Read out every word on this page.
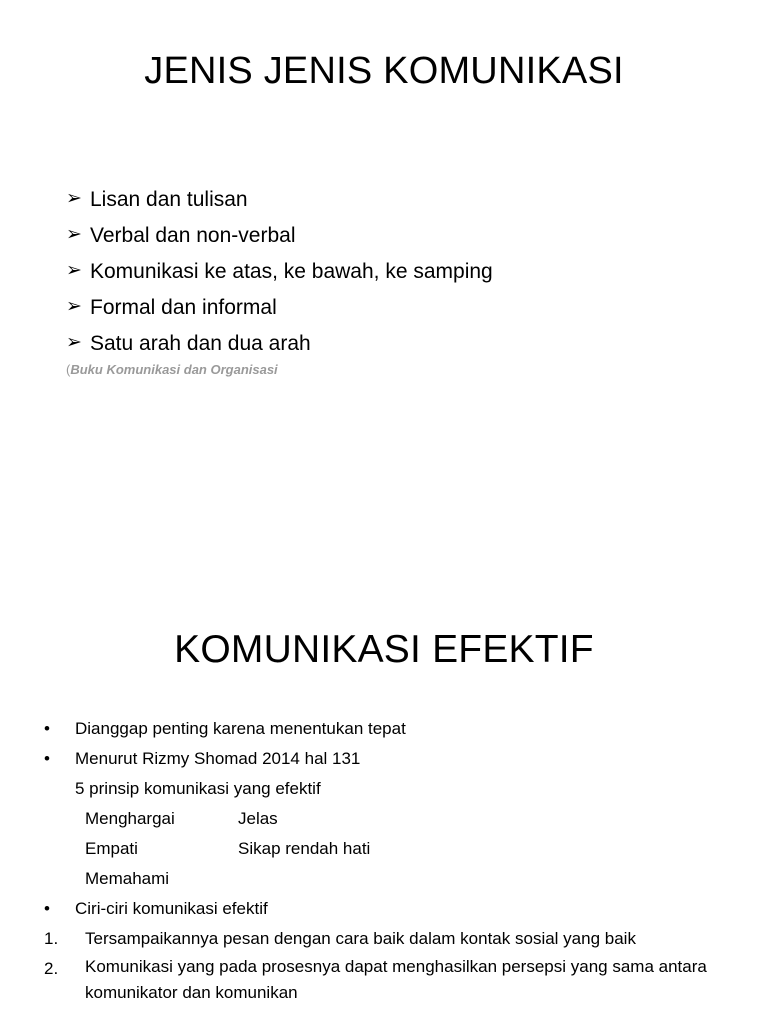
JENIS JENIS KOMUNIKASI
➢ Lisan dan tulisan
➢ Verbal dan non-verbal
➢ Komunikasi ke atas, ke bawah, ke samping
➢ Formal dan informal
➢ Satu arah dan dua arah
(Buku Komunikasi dan Organisasi
KOMUNIKASI EFEKTIF
• Dianggap penting karena menentukan tepat
• Menurut Rizmy Shomad 2014 hal 131
5 prinsip komunikasi yang efektif
Menghargai	Jelas
Empati	Sikap rendah hati
Memahami
• Ciri-ciri komunikasi efektif
1. Tersampaikannya pesan dengan cara baik dalam kontak sosial yang baik
2. Komunikasi yang pada prosesnya dapat menghasilkan persepsi yang sama antara komunikator dan komunikan
